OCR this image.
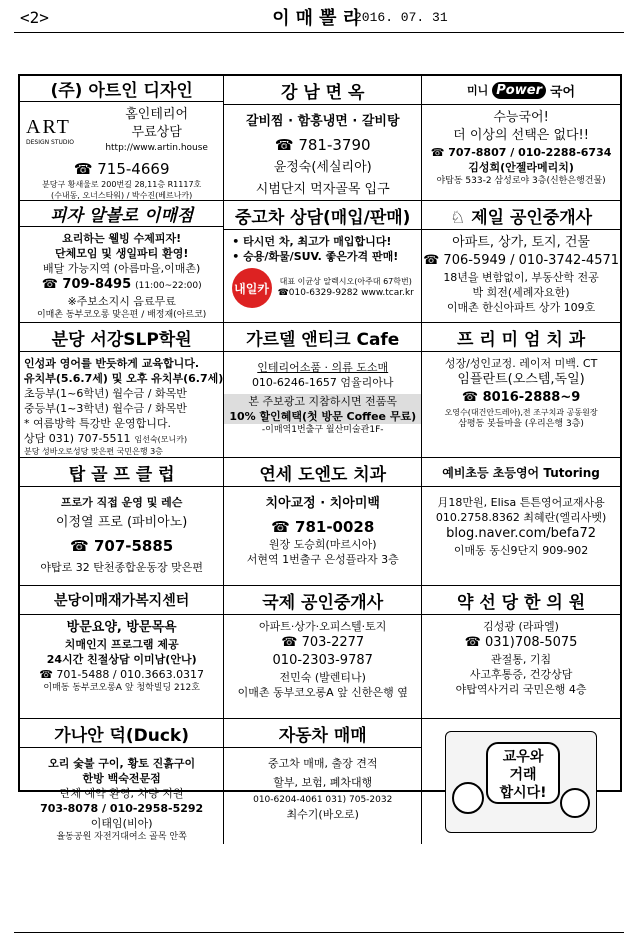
<2>	이매뽈리
2016. 07. 31
(주) 아트인 디자인
ART
DESIGN STUDIO
홈인테리어
무료상담
http://www.artin.house
☎ 715-4669
분당구 황새울로 200번길 28,11층 R1117호
(수내동, 오너스타워) / 박수진(베르나카)
강 남 면 옥
갈비찜 · 함흥냉면 · 갈비탕
☎ 781-3790
윤정숙(세실리아)
시범단지 먹자골목 입구
미니 Power 국어
수능국어!
더 이상의 선택은 없다!!
☎ 707-8807 / 010-2288-6734
김성희(안젤라메리치)
야탑동 533-2 삼성로야 3층(신한은행건물)
피자 알볼로 이매점
요리하는 웰빙 수제피자!
단체모임 및 생일파티 환영!
배달 가능지역 (아름마을,이매촌)
☎ 709-8495 (11:00~22:00)
※주보소지시 음료무료
이매촌 동부코오롱 맞은편 / 배정재(아르코)
중고차 상담(매입/판매)
• 타시던 차, 최고가 매입합니다!
• 승용/화물/SUV. 좋은가격 판매!
내일카	대표 이균상 알렉시오(아주대 67학번)
☎010-6329-9282 www.tcar.kr
♘ 제일 공인중개사
아파트, 상가, 토지, 건물
☎ 706-5949 / 010-3742-4571
18년을 변함없이, 부동산학 전공
박 희전(세례자요한)
이매촌 한신아파트 상가 109호
분당 서강SLP학원
인성과 영어를 반듯하게 교육합니다.
유치부(5.6.7세) 및 오후 유치부(6.7세)
초등부(1~6학년) 월수금 / 화목반
중등부(1~3학년) 월수금 / 화목반
* 여름방학 특강반 운영합니다.
상담 031) 707-5511 임선숙(모니카)
분당 성바오로성당 맞은편 국민은행 3층
가르델 앤티크 Cafe
인테리어소품 · 의류 도소매
010-6246-1657 엄율리아나
본 주보광고 지참하시면 전품목
10% 할인혜택(첫 방문 Coffee 무료)
-이매역1번출구 월산미술관1F-
프 리 미 엄 치 과
성장/성인교정. 레이저 미백. CT
임플란트(오스템,독일)
☎ 8016-2888~9
오영수(대건안드레아),전 조구치과 공동원장
삼평동 봇들마을 (우리은행 3층)
탑 골 프 클 럽
프로가 직접 운영 및 레슨
이정열 프로 (파비아노)
☎ 707-5885
야탑로 32 탄천종합운동장 맞은편
연세 도엔도 치과
치아교정 · 치아미백
☎ 781-0028
원장 도승희(마르시아)
서현역 1번출구 은성플라자 3층
예비초등 초등영어 Tutoring
月18만원, Elisa 튼튼영어교재사용
010.2758.8362 최혜란(엘리사벳)
blog.naver.com/befa72
이매동 동신9단지 909-902
분당이매재가복지센터
방문요양, 방문목욕
치매인지 프로그램 제공
24시간 친절상담 이미남(안나)
☎ 701-5488 / 010.3663.0317
이매동 동부코오롱A 앞 청학빌딩 212호
국제 공인중개사
아파트·상가·오피스텔·토지
☎ 703-2277
010-2303-9787
전민숙 (발렌티나)
이매촌 동부코오롱A 앞 신한은행 옆
약 선 당 한 의 원
김성광 (라파엘)
☎ 031)708-5075
관절통, 기침
사고후통증, 건강상담
야탑역사거리 국민은행 4층
가나안 덕(Duck)
오리 숯불 구이, 황토 진흙구이
한방 백숙전문점
단체 예약 환영, 차량 지원
703-8078 / 010-2958-5292
이태임(비아)
율동공원 자전거대여소 골목 안쪽
자동차 매매
중고차 매매, 출장 견적
할부, 보험, 폐차대행
010-6204-4061 031) 705-2032
최수기(바오로)
교우와
거래
합시다!
